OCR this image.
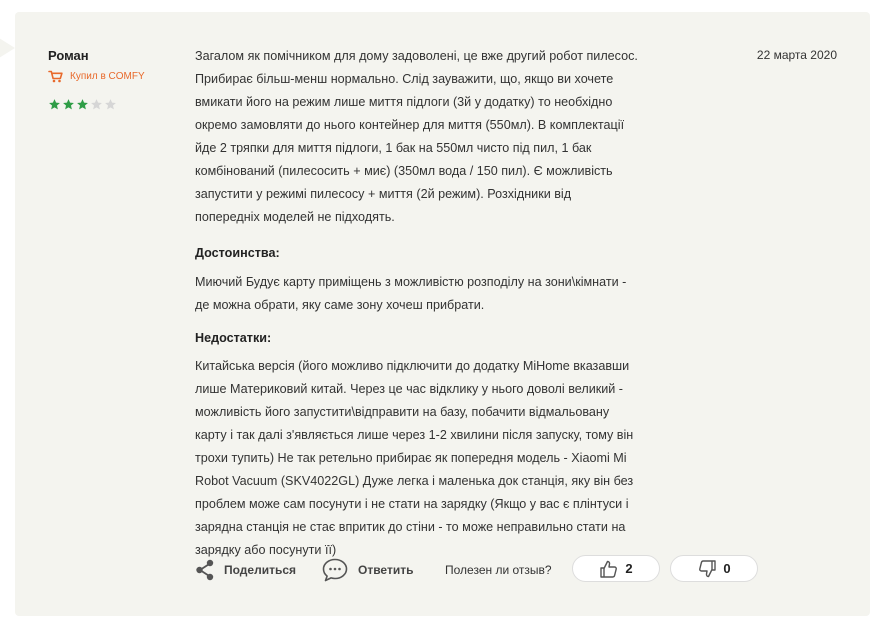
Роман
Купил в COMFY
22 марта 2020

Загалом як помічником для дому задоволені, це вже другий робот пилесос.

Прибирає більш-менш нормально. Слід зауважити, що, якщо ви хочете

вмикати його на режим лише миття підлоги (3й у додатку) то необхідно

окремо замовляти до нього контейнер для миття (550мл). В комплектації

йде 2 тряпки для миття підлоги, 1 бак на 550мл чисто під пил, 1 бак

комбінований (пилесосить + миє) (350мл вода / 150 пил). Є можливість

запустити у режимі пилесосу + миття (2й режим). Розхідники від

попередніх моделей не підходять.

Достоинства:

Миючий Будує карту приміщень з можливістю розподілу на зони\кімнати -

де можна обрати, яку саме зону хочеш прибрати.

Недостатки:

Китайська версія (його можливо підключити до додатку MiHome вказавши

лише Материковий китай. Через це час відклику у нього доволі великий -

можливість його запустити\відправити на базу, побачити відмальовану

карту і так далі з'являється лише через 1-2 хвилини після запуску, тому він

трохи тупить) Не так ретельно прибирає як попередня модель - Xiaomi Mi

Robot Vacuum (SKV4022GL) Дуже легка і маленька док станція, яку він без

проблем може сам посунути і не стати на зарядку (Якщо у вас є плінтуси і

зарядна станція не стає впритик до стіни - то може неправильно стати на

зарядку або посунути її)

Поделиться	Ответить	Полезен ли отзыв?	2	0
